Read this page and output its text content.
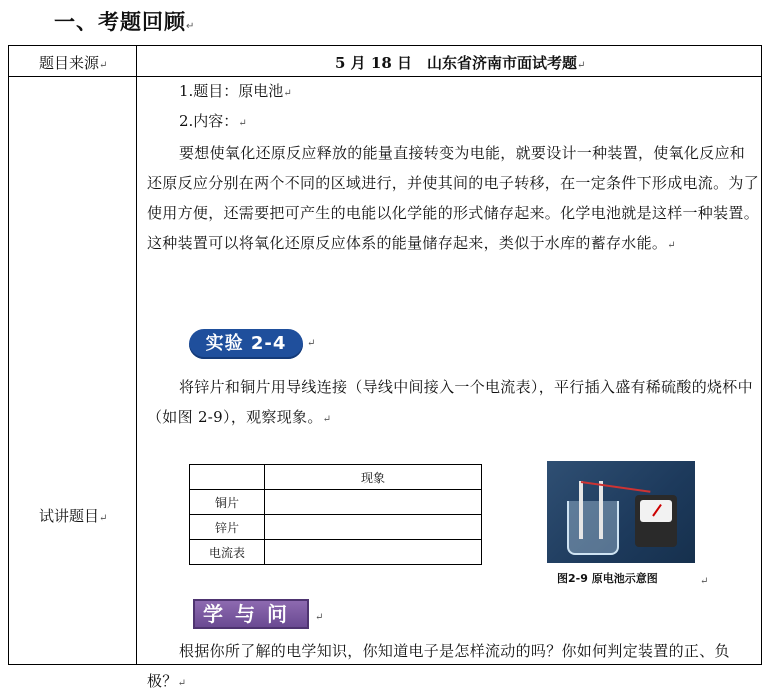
一、考题回顾↵
题目来源↵	5 月 18 日　山东省济南市面试考题↵
试讲题目↵
1.题目：原电池↵
2.内容：↵
要想使氧化还原反应释放的能量直接转变为电能，就要设计一种装置，使氧化反应和还原反应分别在两个不同的区域进行，并使其间的电子转移，在一定条件下形成电流。为了使用方便，还需要把可产生的电能以化学能的形式储存起来。化学电池就是这样一种装置。这种装置可以将氧化还原反应体系的能量储存起来，类似于水库的蓄存水能。↵
实验 2-4	↵
将锌片和铜片用导线连接（导线中间接入一个电流表），平行插入盛有稀硫酸的烧杯中（如图 2-9），观察现象。↵
	现象
铜片	
锌片	
电流表	
图2-9 原电池示意图	↵
学与问	↵
根据你所了解的电学知识，你知道电子是怎样流动的吗？你如何判定装置的正、负极？↵
